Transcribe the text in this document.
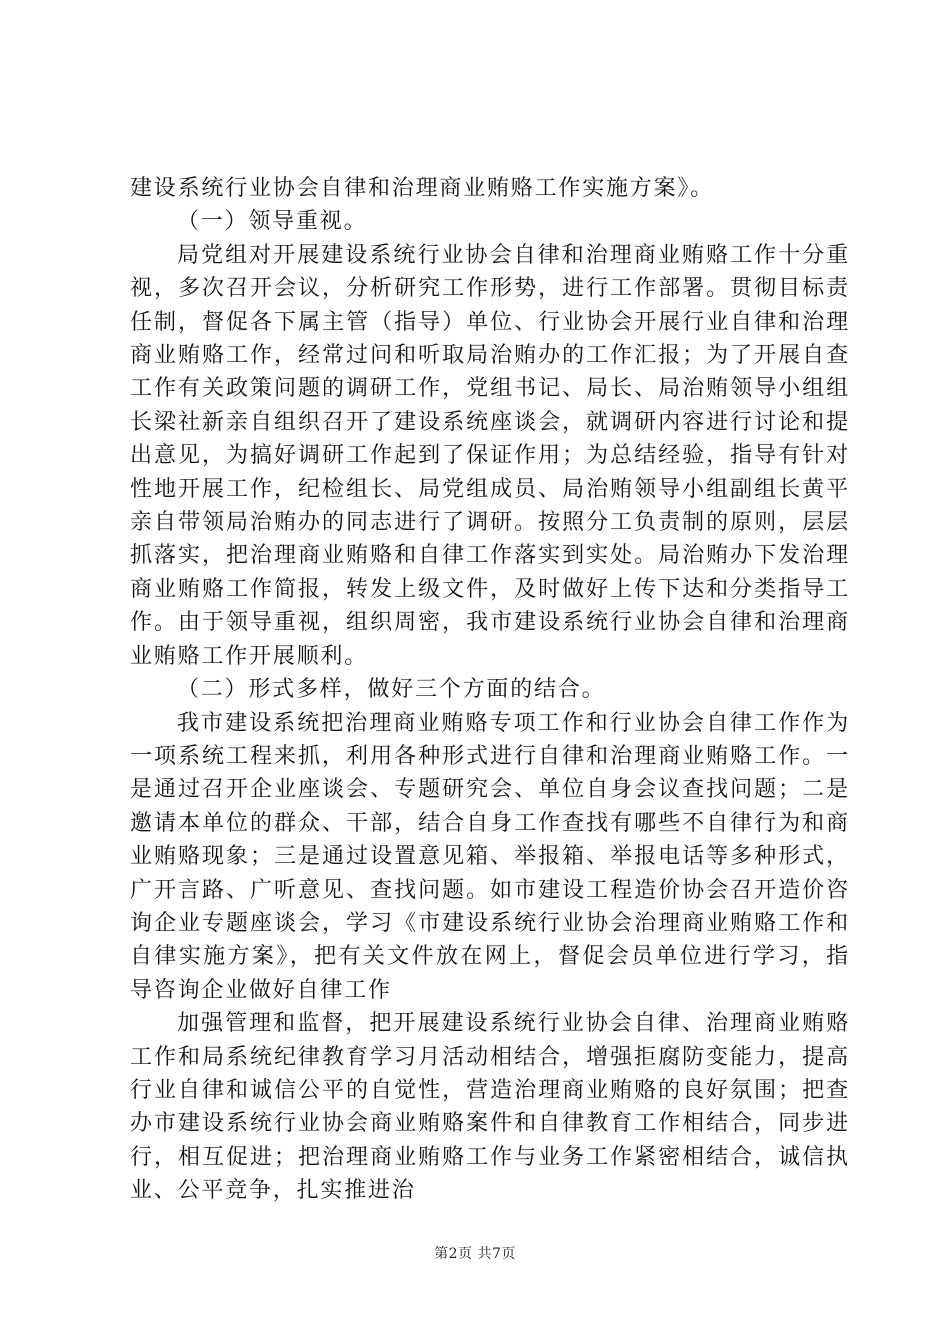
建设系统行业协会自律和治理商业贿赂工作实施方案》。

（一）领导重视。

局党组对开展建设系统行业协会自律和治理商业贿赂工作十分重视，多次召开会议，分析研究工作形势，进行工作部署。贯彻目标责任制，督促各下属主管（指导）单位、行业协会开展行业自律和治理商业贿赂工作，经常过问和听取局治贿办的工作汇报；为了开展自查工作有关政策问题的调研工作，党组书记、局长、局治贿领导小组组长梁社新亲自组织召开了建设系统座谈会，就调研内容进行讨论和提出意见，为搞好调研工作起到了保证作用；为总结经验，指导有针对性地开展工作，纪检组长、局党组成员、局治贿领导小组副组长黄平亲自带领局治贿办的同志进行了调研。按照分工负责制的原则，层层抓落实，把治理商业贿赂和自律工作落实到实处。局治贿办下发治理商业贿赂工作简报，转发上级文件，及时做好上传下达和分类指导工作。由于领导重视，组织周密，我市建设系统行业协会自律和治理商业贿赂工作开展顺利。

（二）形式多样，做好三个方面的结合。

我市建设系统把治理商业贿赂专项工作和行业协会自律工作作为一项系统工程来抓，利用各种形式进行自律和治理商业贿赂工作。一是通过召开企业座谈会、专题研究会、单位自身会议查找问题；二是邀请本单位的群众、干部，结合自身工作查找有哪些不自律行为和商业贿赂现象；三是通过设置意见箱、举报箱、举报电话等多种形式，广开言路、广听意见、查找问题。如市建设工程造价协会召开造价咨询企业专题座谈会，学习《市建设系统行业协会治理商业贿赂工作和自律实施方案》，把有关文件放在网上，督促会员单位进行学习，指导咨询企业做好自律工作

加强管理和监督，把开展建设系统行业协会自律、治理商业贿赂工作和局系统纪律教育学习月活动相结合，增强拒腐防变能力，提高行业自律和诚信公平的自觉性，营造治理商业贿赂的良好氛围；把查办市建设系统行业协会商业贿赂案件和自律教育工作相结合，同步进行，相互促进；把治理商业贿赂工作与业务工作紧密相结合，诚信执业、公平竞争，扎实推进治

第2页 共7页
